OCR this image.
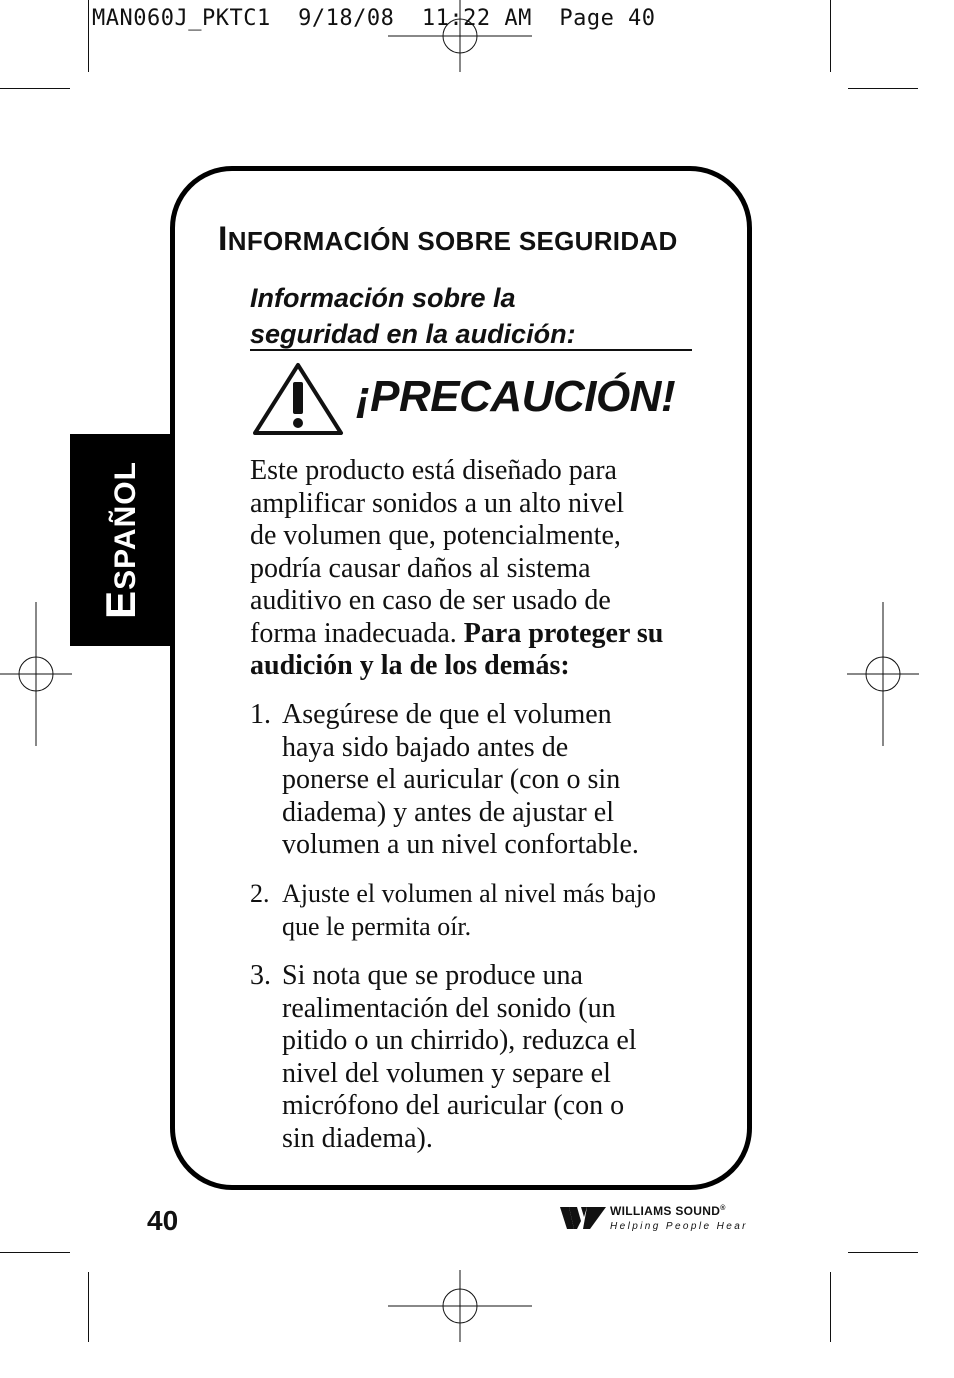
MAN060J_PKTC1  9/18/08  11:22 AM  Page 40
ESPAÑOL
INFORMACIÓN SOBRE SEGURIDAD
Información sobre la
seguridad en la audición:
¡PRECAUCIÓN!
Este producto está diseñado para
amplificar sonidos a un alto nivel
de volumen que, potencialmente,
podría causar daños al sistema
auditivo en caso de ser usado de
forma inadecuada. Para proteger su
audición y la de los demás:
1. Asegúrese de que el volumen
haya sido bajado antes de
ponerse el auricular (con o sin
diadema) y antes de ajustar el
volumen a un nivel confortable.
2. Ajuste el volumen al nivel más bajo
que le permita oír.
3. Si nota que se produce una
realimentación del sonido (un
pitido o un chirrido), reduzca el
nivel del volumen y separe el
micrófono del auricular (con o
sin diadema).
40	WILLIAMS SOUND®
Helping People Hear
